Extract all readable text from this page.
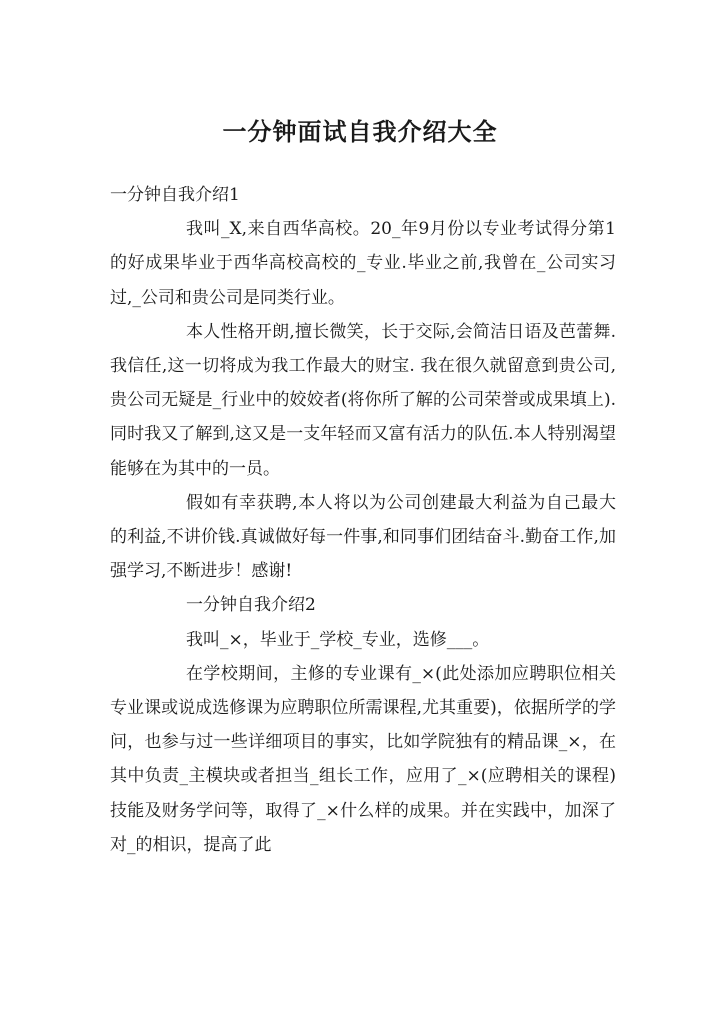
一分钟面试自我介绍大全

一分钟自我介绍1

我叫_X,来自西华高校。20_年9月份以专业考试得分第1的好成果毕业于西华高校高校的_专业.毕业之前,我曾在_公司实习过,_公司和贵公司是同类行业。

本人性格开朗,擅长微笑，长于交际,会简洁日语及芭蕾舞.我信任,这一切将成为我工作最大的财宝. 我在很久就留意到贵公司,贵公司无疑是_行业中的姣姣者(将你所了解的公司荣誉或成果填上).同时我又了解到,这又是一支年轻而又富有活力的队伍.本人特别渴望能够在为其中的一员。

假如有幸获聘,本人将以为公司创建最大利益为自己最大的利益,不讲价钱.真诚做好每一件事,和同事们团结奋斗.勤奋工作,加强学习,不断进步！感谢!

一分钟自我介绍2

我叫_×，毕业于_学校_专业，选修___。

在学校期间，主修的专业课有_×(此处添加应聘职位相关专业课或说成选修课为应聘职位所需课程,尤其重要)，依据所学的学问，也参与过一些详细项目的事实，比如学院独有的精品课_×，在其中负责_主模块或者担当_组长工作，应用了_×(应聘相关的课程)技能及财务学问等，取得了_×什么样的成果。并在实践中，加深了对_的相识，提高了此
